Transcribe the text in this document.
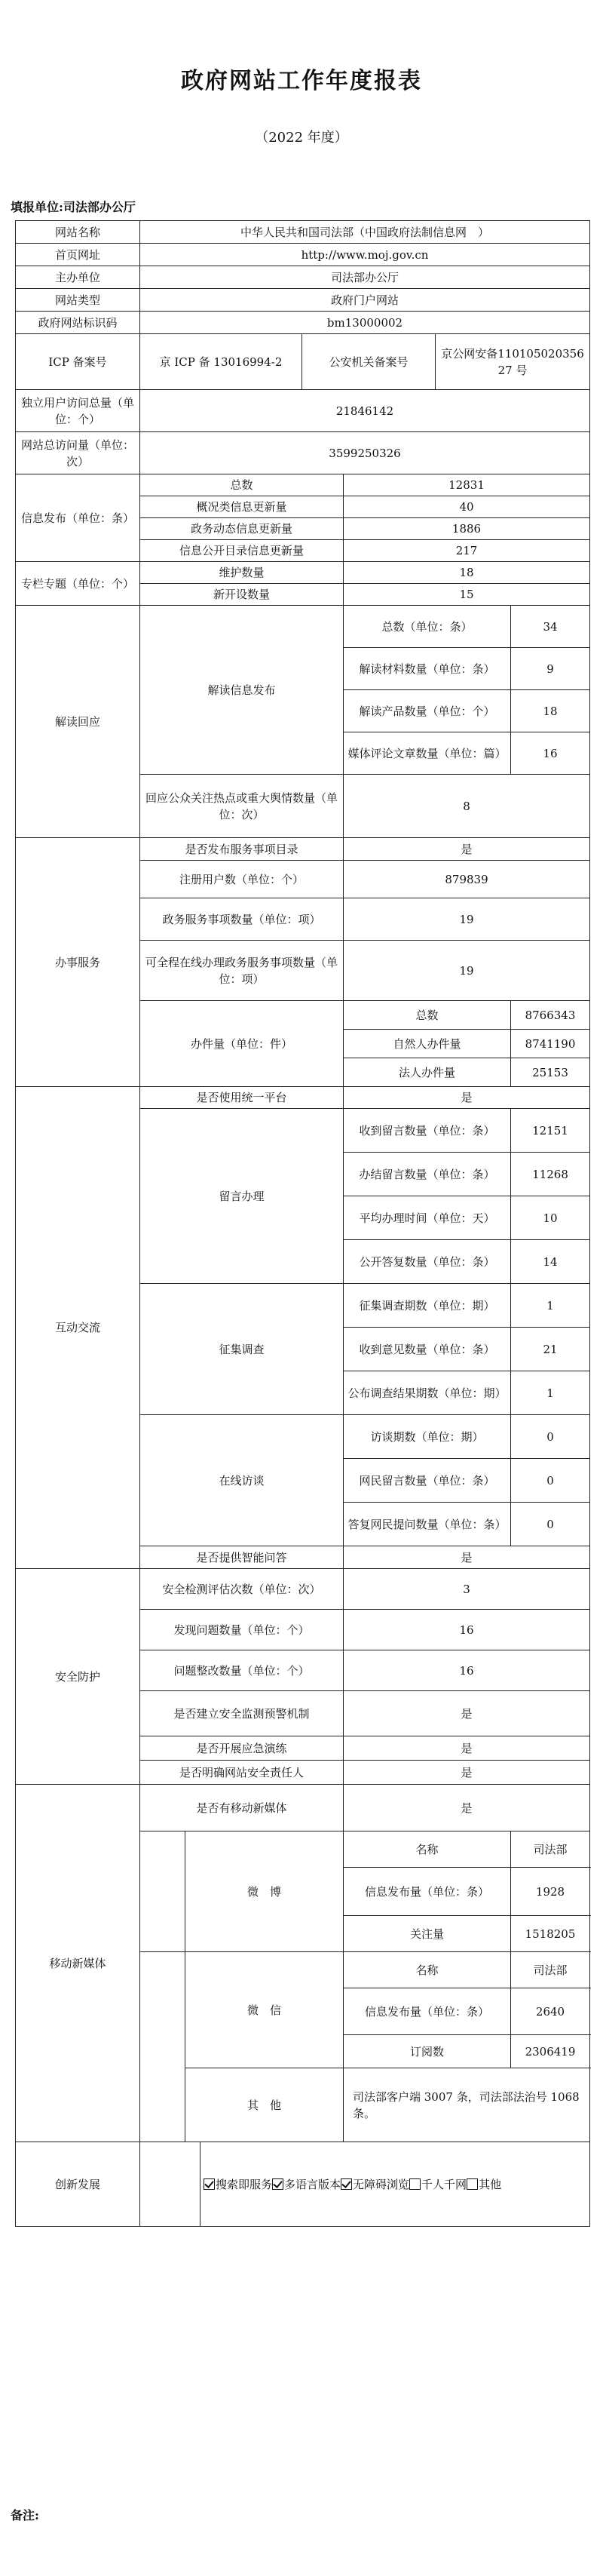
政府网站工作年度报表
（2022 年度）
填报单位:司法部办公厅
网站名称	中华人民共和国司法部（中国政府法制信息网　）						
首页网址	http://www.moj.gov.cn						
主办单位	司法部办公厅						
网站类型	政府门户网站						
政府网站标识码	bm13000002						
ICP 备案号	京 ICP 备 13016994-2			公安机关备案号		京公网安备11010502035627 号	
独立用户访问总量（单位：个）	21846142						
网站总访问量（单位：次）	3599250326						
信息发布（单位：条）	总数				12831		
	概况类信息更新量				40		
	政务动态信息更新量				1886		
	信息公开目录信息更新量				217		
专栏专题（单位：个）	维护数量				18		
	新开设数量				15		
解读回应	解读信息发布				总数（单位：条）		34
					解读材料数量（单位：条）		9
					解读产品数量（单位：个）		18
					媒体评论文章数量（单位：篇）		16
	回应公众关注热点或重大舆情数量（单位：次）				8		
办事服务	是否发布服务事项目录				是		
	注册用户数（单位：个）				879839		
	政务服务事项数量（单位：项）				19		
	可全程在线办理政务服务事项数量（单位：项）				19		
	办件量（单位：件）				总数		8766343
					自然人办件量		8741190
					法人办件量		25153
互动交流	是否使用统一平台				是		
	留言办理				收到留言数量（单位：条）		12151
					办结留言数量（单位：条）		11268
					平均办理时间（单位：天）		10
					公开答复数量（单位：条）		14
	征集调查				征集调查期数（单位：期）		1
					收到意见数量（单位：条）		21
					公布调查结果期数（单位：期）		1
	在线访谈				访谈期数（单位：期）		0
					网民留言数量（单位：条）		0
					答复网民提问数量（单位：条）		0
	是否提供智能问答				是		
安全防护	安全检测评估次数（单位：次）				3		
	发现问题数量（单位：个）				16		
	问题整改数量（单位：个）				16		
	是否建立安全监测预警机制				是		
	是否开展应急演练				是		
	是否明确网站安全责任人				是		
移动新媒体	是否有移动新媒体				是		
		微　博			名称		司法部
					信息发布量（单位：条）		1928
					关注量		1518205
		微　信			名称		司法部
					信息发布量（单位：条）		2640
					订阅数		2306419
		其　他			司法部客户端 3007 条，司法部法治号 1068 条。		
创新发展			搜索即服务 多语言版本 无障碍浏览 千人千网 其他				
备注:
